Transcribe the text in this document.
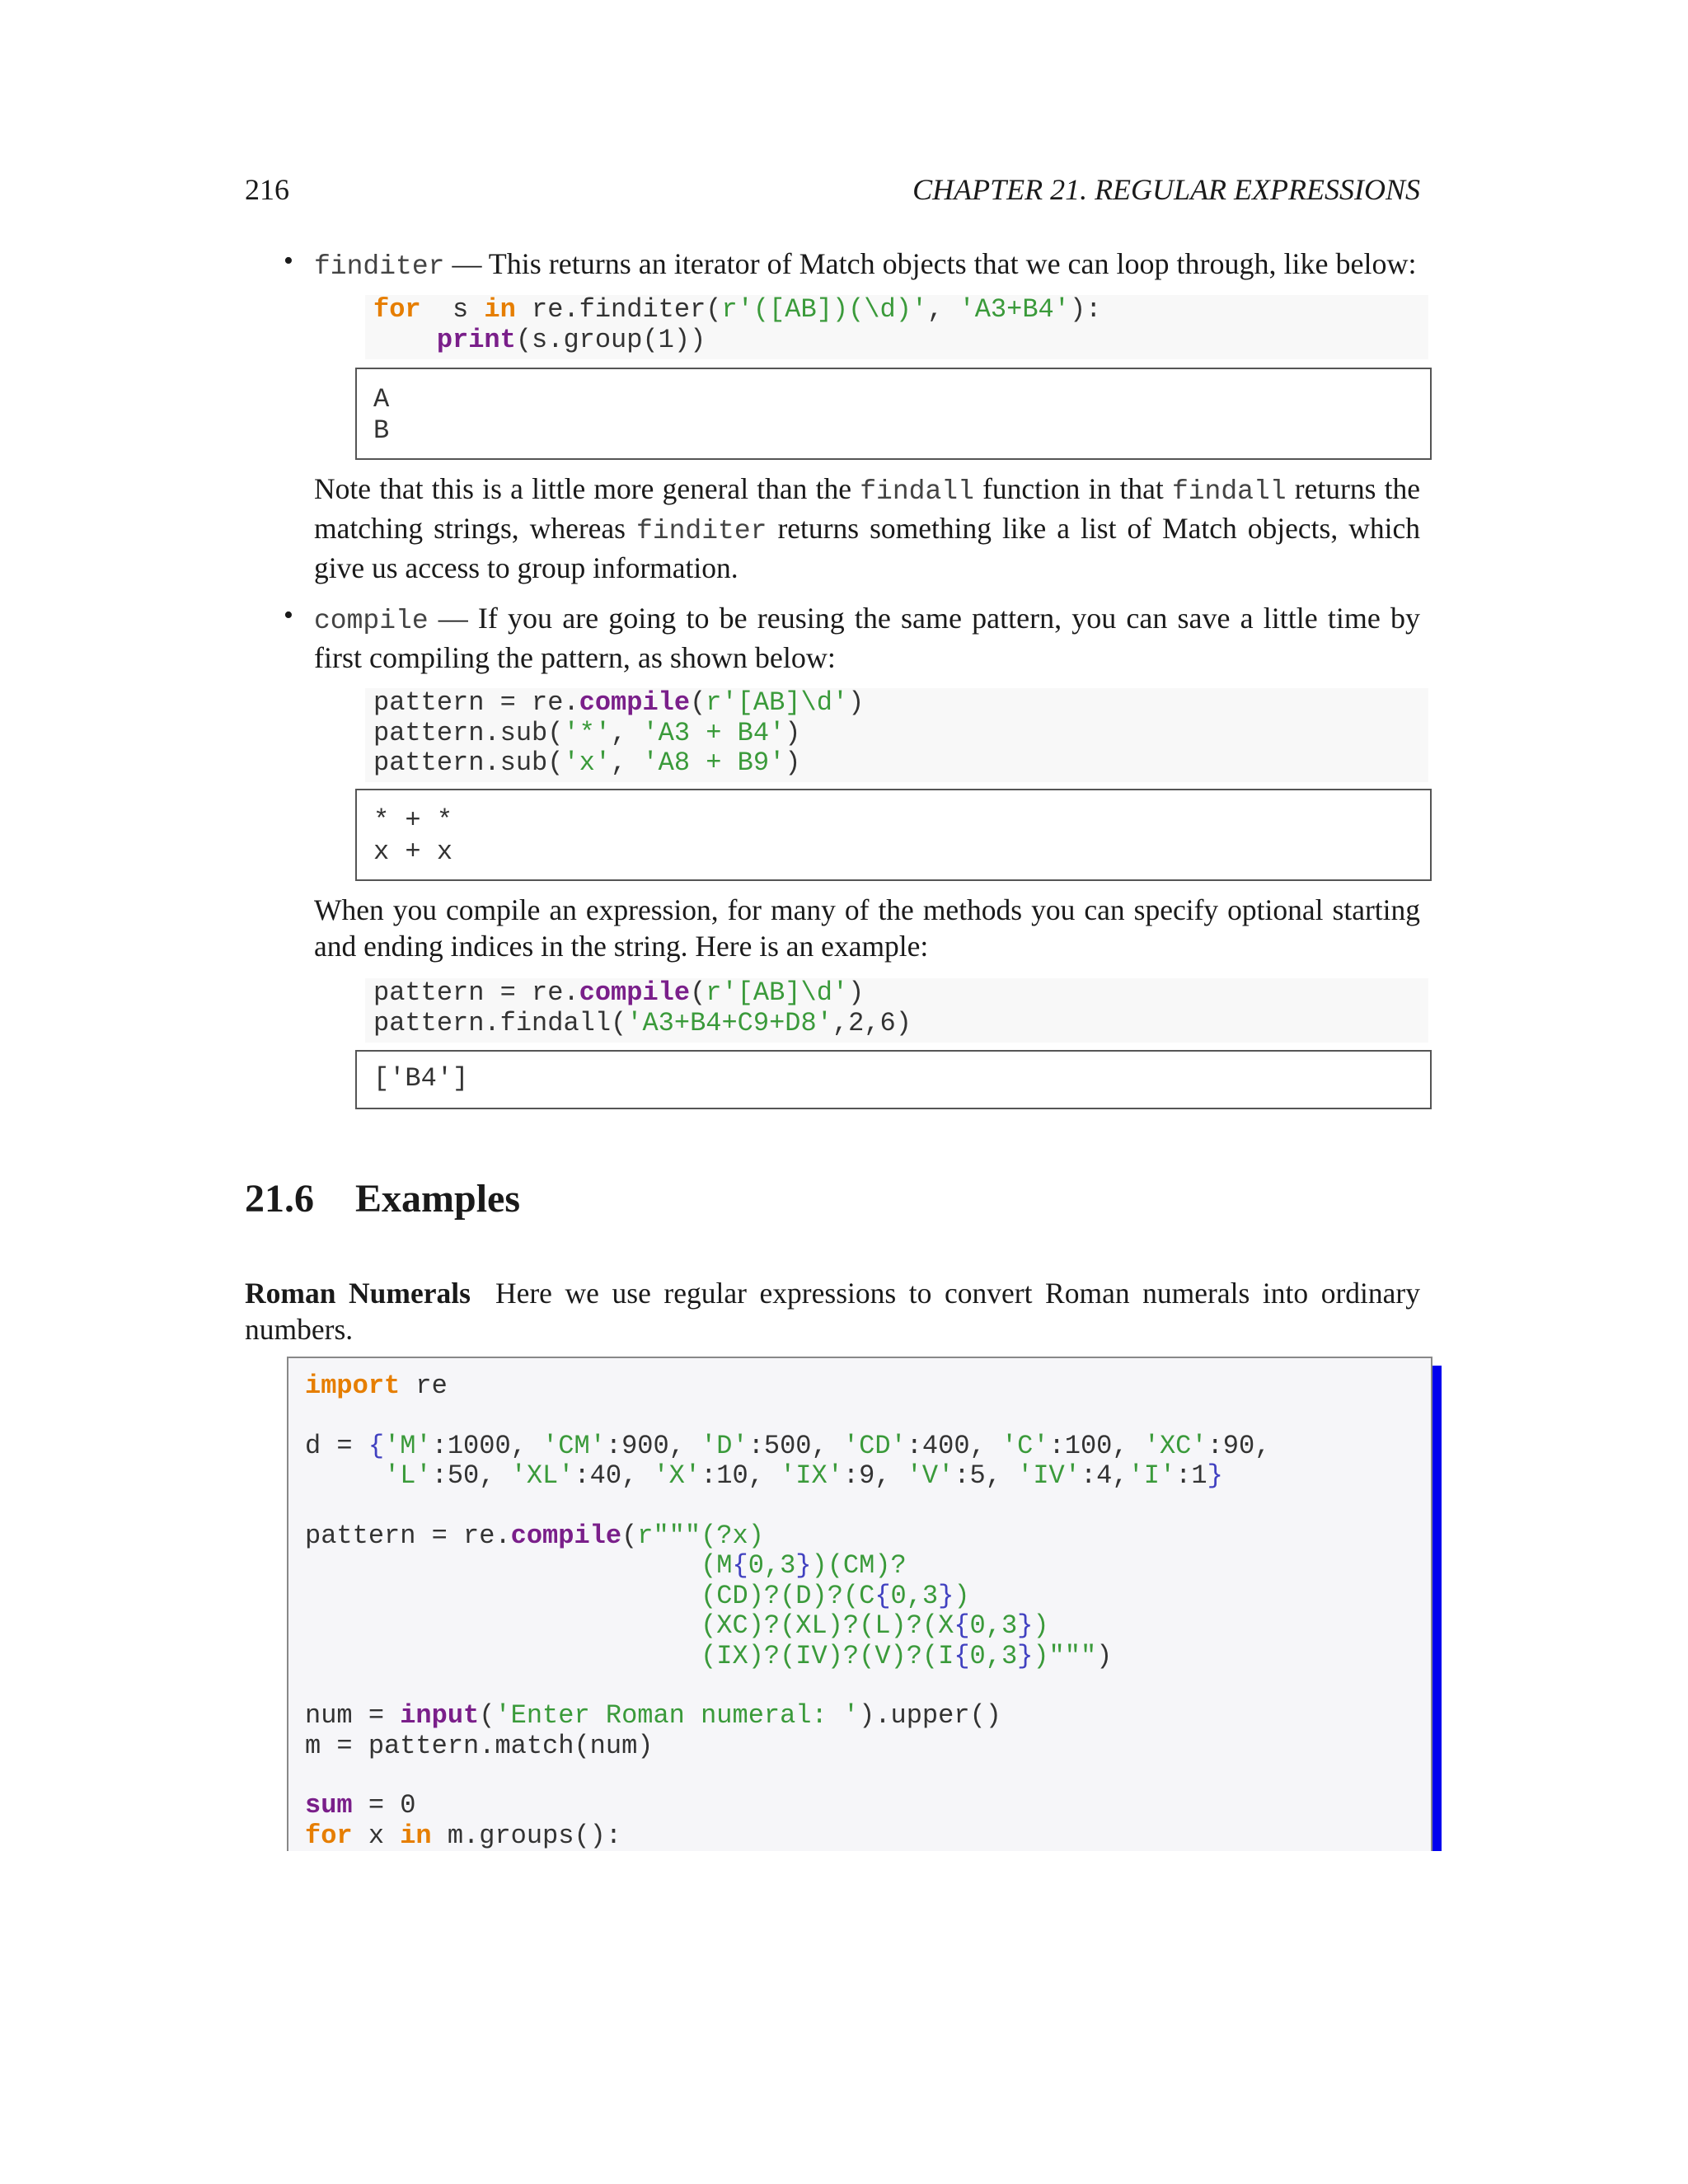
216	CHAPTER 21. REGULAR EXPRESSIONS
• finditer — This returns an iterator of Match objects that we can loop through, like below:
for  s in re.finditer(r'([AB])(\d)', 'A3+B4'):
print(s.group(1))
A
B
Note that this is a little more general than the findall function in that findall returns the matching strings, whereas finditer returns something like a list of Match objects, which give us access to group information.
• compile — If you are going to be reusing the same pattern, you can save a little time by first compiling the pattern, as shown below:
pattern = re.compile(r'[AB]\d')
pattern.sub('*', 'A3 + B4')
pattern.sub('x', 'A8 + B9')
* + *
x + x
When you compile an expression, for many of the methods you can specify optional starting and ending indices in the string. Here is an example:
pattern = re.compile(r'[AB]\d')
pattern.findall('A3+B4+C9+D8',2,6)
['B4']
21.6 Examples
Roman Numerals Here we use regular expressions to convert Roman numerals into ordinary numbers.
import re

d = {'M':1000, 'CM':900, 'D':500, 'CD':400, 'C':100, 'XC':90,
'L':50, 'XL':40, 'X':10, 'IX':9, 'V':5, 'IV':4,'I':1}

pattern = re.compile(r"""(?x)
(M{0,3})(CM)?
(CD)?(D)?(C{0,3})
(XC)?(XL)?(L)?(X{0,3})
(IX)?(IV)?(V)?(I{0,3})""")

num = input('Enter Roman numeral: ').upper()
m = pattern.match(num)

sum = 0
for x in m.groups():
